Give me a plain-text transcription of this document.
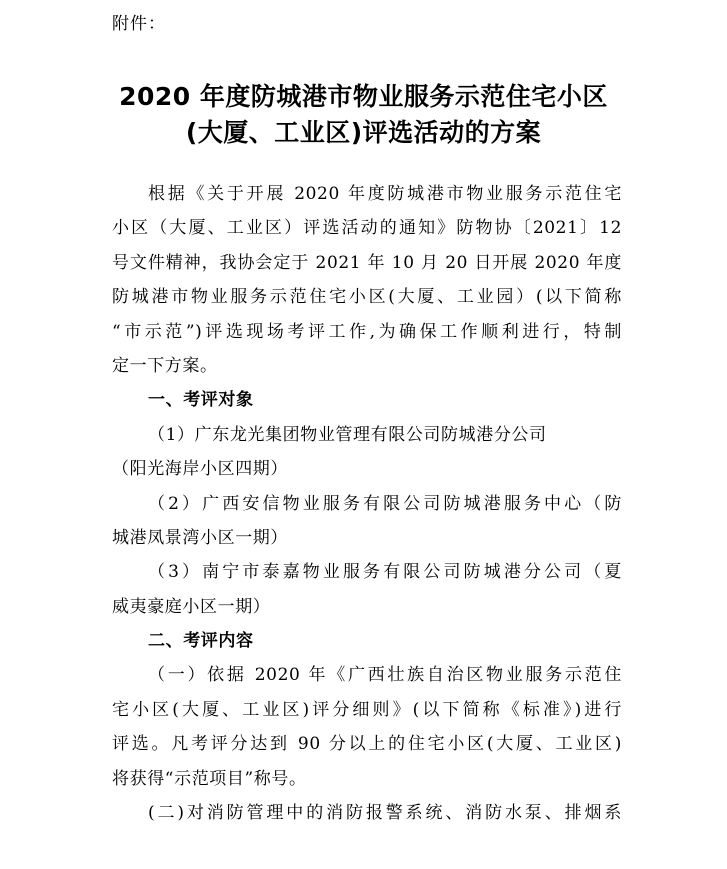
附件：
2020 年度防城港市物业服务示范住宅小区
(大厦、工业区)评选活动的方案
根据《关于开展 2020 年度防城港市物业服务示范住宅
小区（大厦、工业区）评选活动的通知》防物协〔2021〕12
号文件精神，我协会定于 2021 年 10 月 20 日开展 2020 年度
防城港市物业服务示范住宅小区(大厦、工业园）(以下简称
“市示范”)评选现场考评工作,为确保工作顺利进行，特制
定一下方案。
一、考评对象
（1）广东龙光集团物业管理有限公司防城港分公司
（阳光海岸小区四期）
（2）广西安信物业服务有限公司防城港服务中心（防
城港凤景湾小区一期）
（3）南宁市泰嘉物业服务有限公司防城港分公司（夏
威夷豪庭小区一期）
二、考评内容
（一）依据 2020 年《广西壮族自治区物业服务示范住
宅小区(大厦、工业区)评分细则》(以下简称《标准》)进行
评选。凡考评分达到 90 分以上的住宅小区(大厦、工业区)
将获得“示范项目”称号。
(二)对消防管理中的消防报警系统、消防水泵、排烟系
